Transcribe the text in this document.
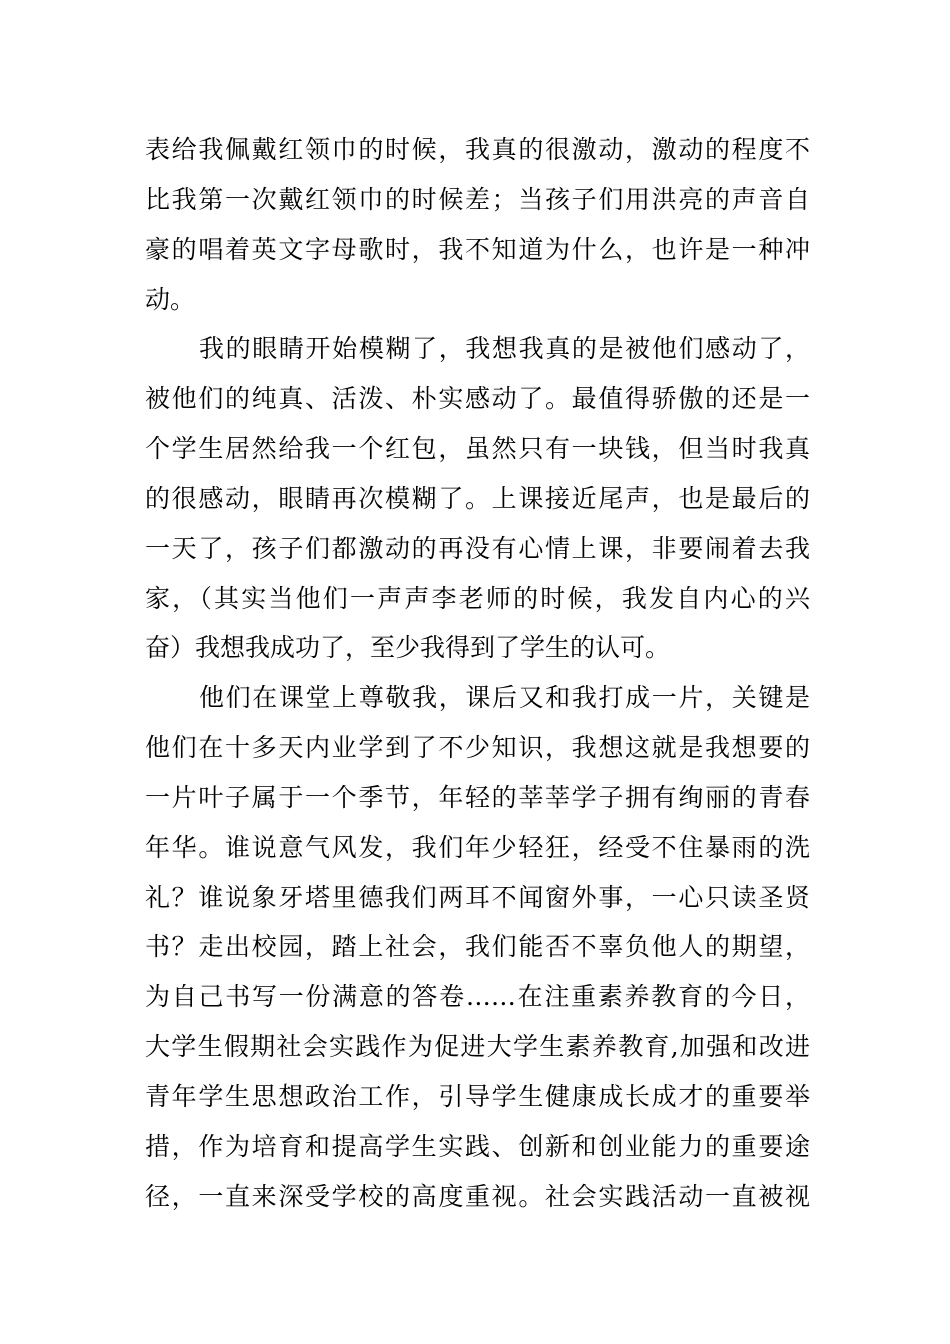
表给我佩戴红领巾的时候，我真的很激动，激动的程度不
比我第一次戴红领巾的时候差；当孩子们用洪亮的声音自
豪的唱着英文字母歌时，我不知道为什么，也许是一种冲
动。
我的眼睛开始模糊了，我想我真的是被他们感动了，
被他们的纯真、活泼、朴实感动了。最值得骄傲的还是一
个学生居然给我一个红包，虽然只有一块钱，但当时我真
的很感动，眼睛再次模糊了。上课接近尾声，也是最后的
一天了，孩子们都激动的再没有心情上课，非要闹着去我
家，（其实当他们一声声李老师的时候，我发自内心的兴
奋）我想我成功了，至少我得到了学生的认可。
他们在课堂上尊敬我，课后又和我打成一片，关键是
他们在十多天内业学到了不少知识，我想这就是我想要的
一片叶子属于一个季节，年轻的莘莘学子拥有绚丽的青春
年华。谁说意气风发，我们年少轻狂，经受不住暴雨的洗
礼？谁说象牙塔里德我们两耳不闻窗外事，一心只读圣贤
书？走出校园，踏上社会，我们能否不辜负他人的期望，
为自己书写一份满意的答卷……在注重素养教育的今日，
大学生假期社会实践作为促进大学生素养教育,加强和改进
青年学生思想政治工作，引导学生健康成长成才的重要举
措，作为培育和提高学生实践、创新和创业能力的重要途
径，一直来深受学校的高度重视。社会实践活动一直被视
